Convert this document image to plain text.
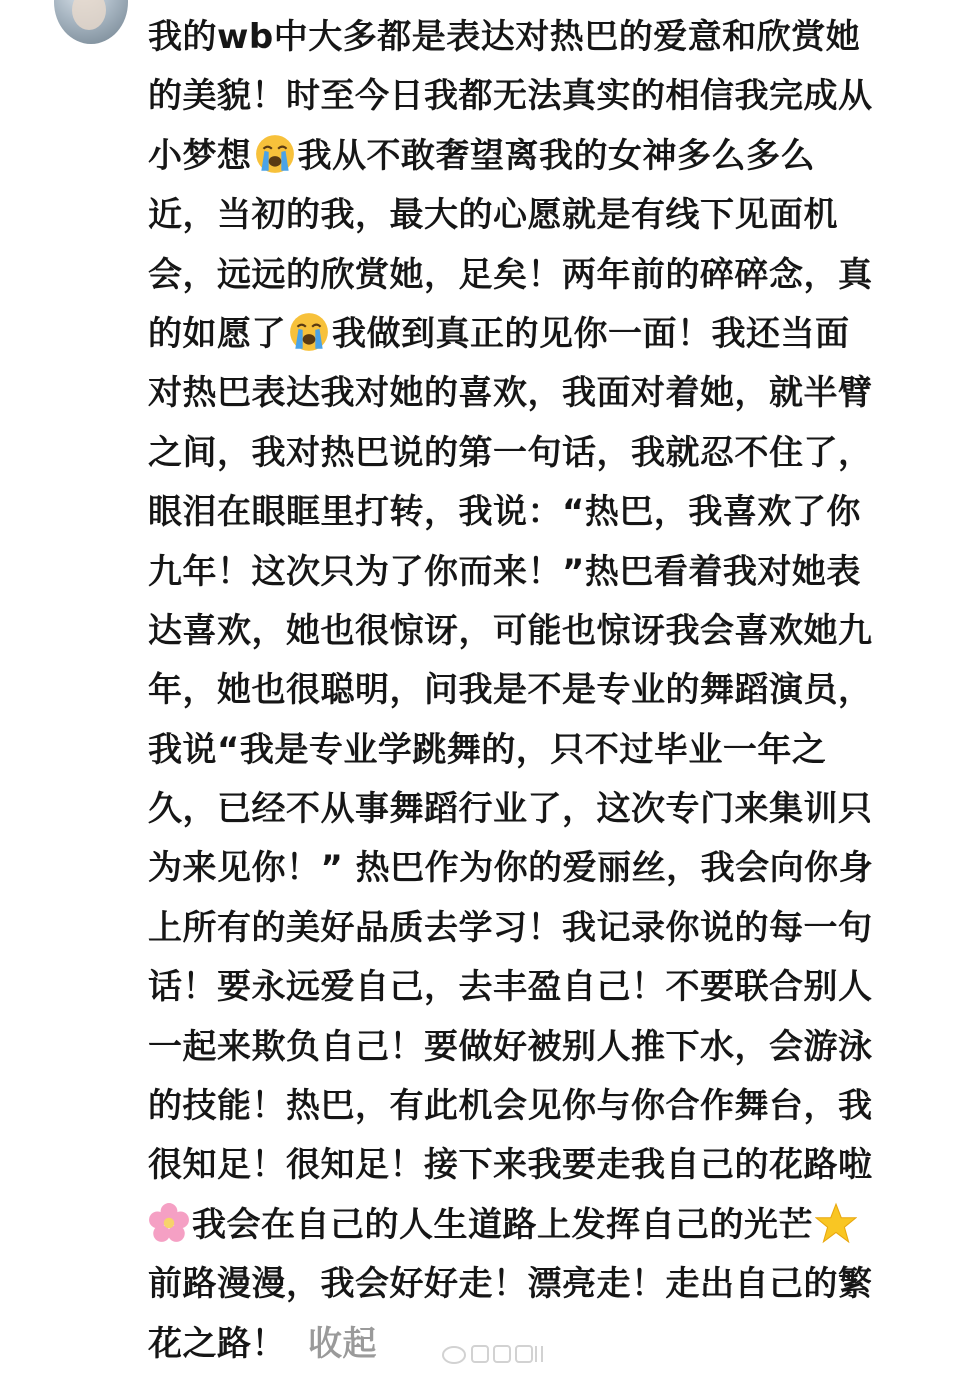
我的wb中大多都是表达对热巴的爱意和欣赏她
的美貌！时至今日我都无法真实的相信我完成从
小梦想 我从不敢奢望离我的女神多么多么
近，当初的我，最大的心愿就是有线下见面机
会，远远的欣赏她，足矣！两年前的碎碎念，真
的如愿了 我做到真正的见你一面！我还当面
对热巴表达我对她的喜欢，我面对着她，就半臂
之间，我对热巴说的第一句话，我就忍不住了，
眼泪在眼眶里打转，我说：“热巴，我喜欢了你
九年！这次只为了你而来！”热巴看着我对她表
达喜欢，她也很惊讶，可能也惊讶我会喜欢她九
年，她也很聪明，问我是不是专业的舞蹈演员，
我说“我是专业学跳舞的，只不过毕业一年之
久，已经不从事舞蹈行业了，这次专门来集训只
为来见你！” 热巴作为你的爱丽丝，我会向你身
上所有的美好品质去学习！我记录你说的每一句
话！要永远爱自己，去丰盈自己！不要联合别人
一起来欺负自己！要做好被别人推下水，会游泳
的技能！热巴，有此机会见你与你合作舞台，我
很知足！很知足！接下来我要走我自己的花路啦
我会在自己的人生道路上发挥自己的光芒
前路漫漫，我会好好走！漂亮走！走出自己的繁
花之路！ 收起
